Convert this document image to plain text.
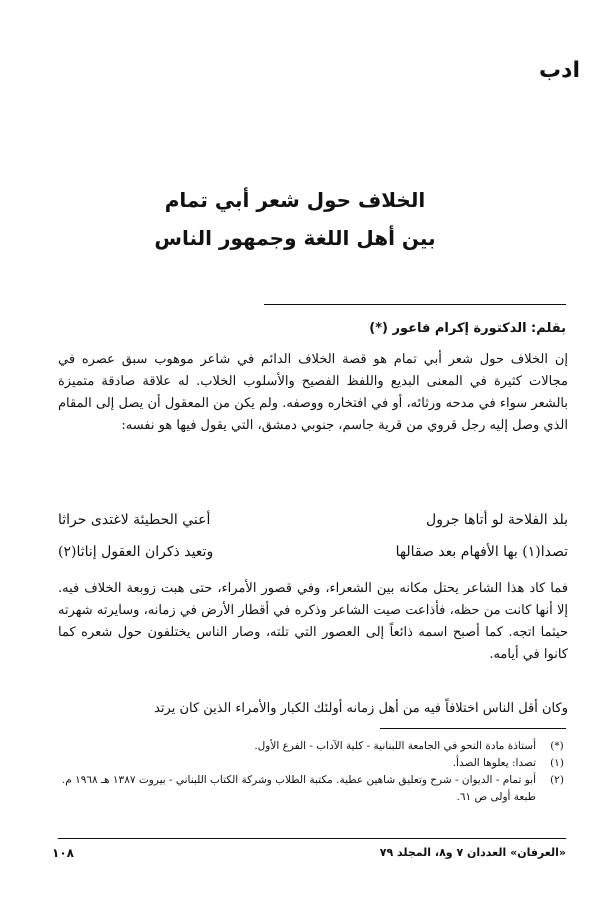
ادب
الخلاف حول شعر أبي تمام
بين أهل اللغة وجمهور الناس
بقلم: الدكتورة إكرام فاعور (*)
إن الخلاف حول شعر أبي تمام هو قصة الخلاف الدائم في شاعر موهوب سبق عصره في مجالات كثيرة في المعنى البديع واللفظ الفصيح والأسلوب الخلاب. له علاقة صادقة متميزة بالشعر سواء في مدحه ورثائه، أو في افتخاره ووصفه. ولم يكن من المعقول أن يصل إلى المقام الذي وصل إليه رجل قروي من قرية جاسم، جنوبي دمشق، التي يقول فيها هو نفسه:
بلد الفلاحة لو أتاها جرول
أعني الحطيئة لاغتدى حراثا
تصدا(١) بها الأفهام بعد صقالها
وتعيد ذكران العقول إناثا(٢)
فما كاد هذا الشاعر يحتل مكانه بين الشعراء، وفي قصور الأمراء، حتى هبت زوبعة الخلاف فيه. إلا أنها كانت من حظه، فأذاعت صيت الشاعر وذكره في أقطار الأرض في زمانه، وسايرته شهرته حيثما اتجه. كما أصبح اسمه ذائعاً إلى العصور التي تلته، وصار الناس يختلفون حول شعره كما كانوا في أيامه.
وكان أقل الناس اختلافاً فيه من أهل زمانه أولئك الكبار والأمراء الذين كان يرتد
(*)
أستاذة مادة النحو في الجامعة اللبنانية - كلية الآداب - الفرع الأول.
(١)
تصدا: يعلوها الصدأ.
(٢)
أبو تمام - الديوان - شرح وتعليق شاهين عطية. مكتبة الطلاب وشركة الكتاب اللبناني - بيروت ١٣٨٧ هـ ١٩٦٨ م. طبعة أولى ص ٦١.
«العرفان» العددان ٧ و٨، المجلد ٧٩
١٠٨
